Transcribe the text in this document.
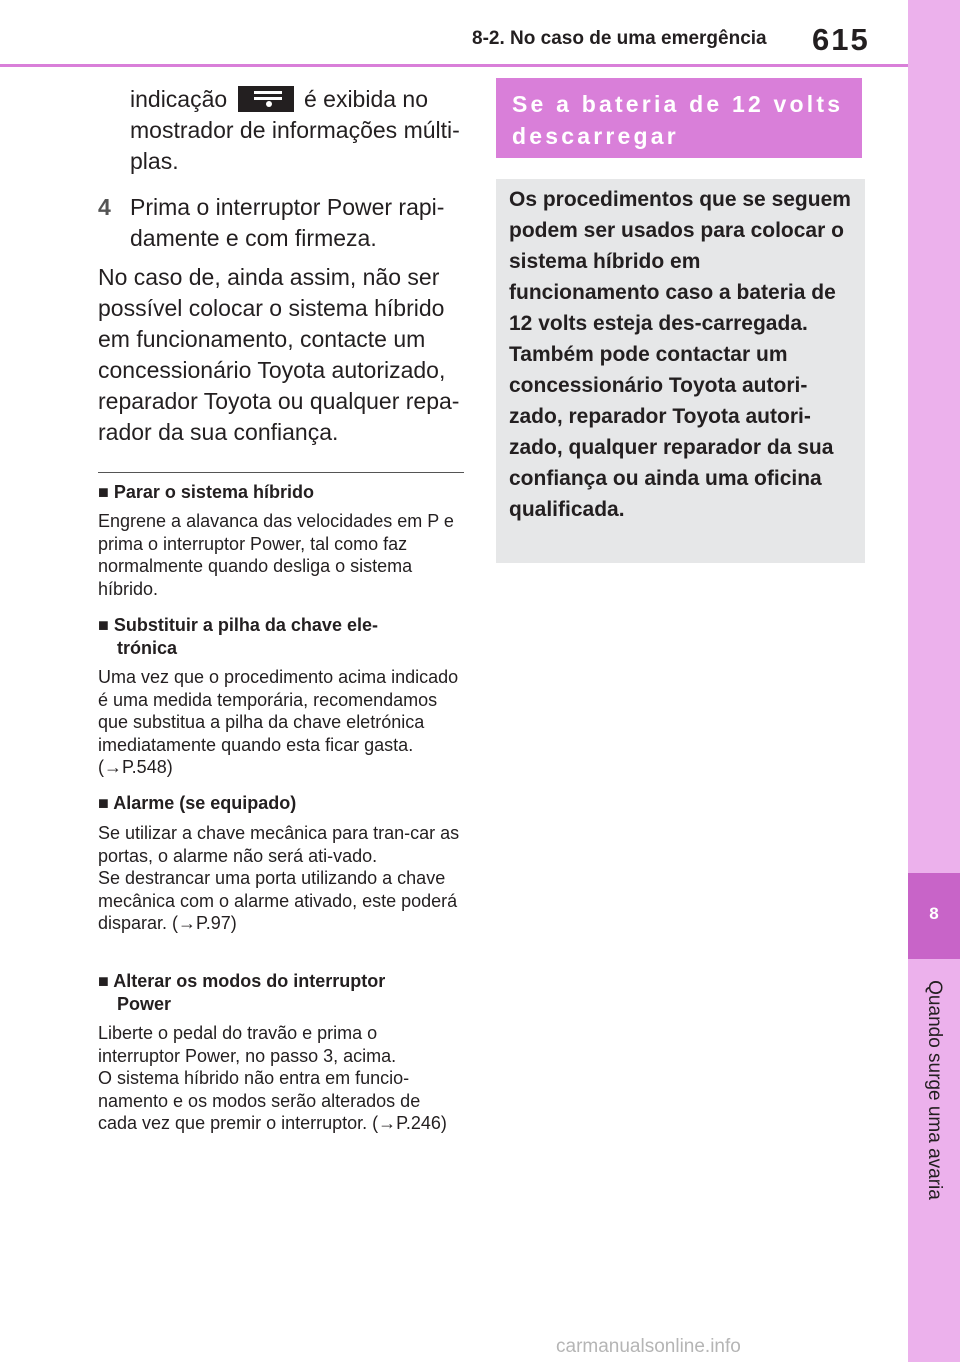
8-2. No caso de uma emergência 615
8
Quando surge uma avaria
indicação	é exibida no mostrador de informações múlti-plas.
4 Prima o interruptor Power rapi-damente e com firmeza.
No caso de, ainda assim, não ser possível colocar o sistema híbrido em funcionamento, contacte um concessionário Toyota autorizado, reparador Toyota ou qualquer repa-rador da sua confiança.
■ Parar o sistema híbrido
Engrene a alavanca das velocidades em P e prima o interruptor Power, tal como faz normalmente quando desliga o sistema híbrido.
■ Substituir a pilha da chave ele-
trónica
Uma vez que o procedimento acima indicado é uma medida temporária, recomendamos que substitua a pilha da chave eletrónica imediatamente quando esta ficar gasta. (→P.548)
■ Alarme (se equipado)
Se utilizar a chave mecânica para tran-car as portas, o alarme não será ati-vado.
Se destrancar uma porta utilizando a chave mecânica com o alarme ativado, este poderá disparar. (→P.97)
■ Alterar os modos do interruptor
Power
Liberte o pedal do travão e prima o interruptor Power, no passo 3, acima.
O sistema híbrido não entra em funcio-namento e os modos serão alterados de cada vez que premir o interruptor. (→P.246)
Se a bateria de 12 volts descarregar
Os procedimentos que se seguem podem ser usados para colocar o sistema híbrido em funcionamento caso a bateria de 12 volts esteja des-carregada.
Também pode contactar um concessionário Toyota autori-zado, reparador Toyota autori-zado, qualquer reparador da sua confiança ou ainda uma oficina qualificada.
carmanualsonline.info
